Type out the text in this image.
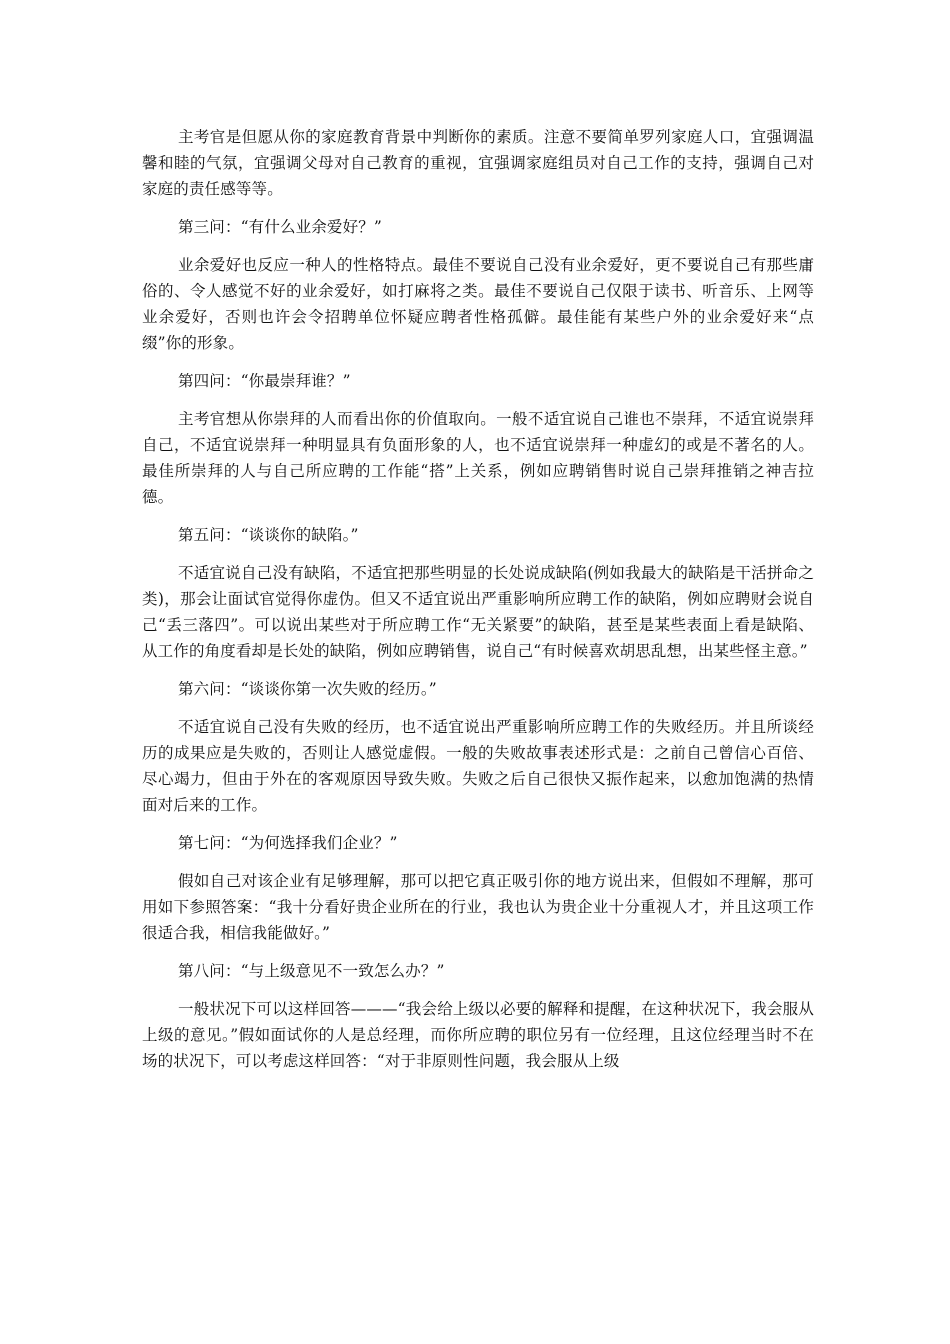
主考官是但愿从你的家庭教育背景中判断你的素质。注意不要简单罗列家庭人口，宜强调温馨和睦的气氛，宜强调父母对自己教育的重视，宜强调家庭组员对自己工作的支持，强调自己对家庭的责任感等等。

第三问：“有什么业余爱好？”

业余爱好也反应一种人的性格特点。最佳不要说自己没有业余爱好，更不要说自己有那些庸俗的、令人感觉不好的业余爱好，如打麻将之类。最佳不要说自己仅限于读书、听音乐、上网等业余爱好，否则也许会令招聘单位怀疑应聘者性格孤僻。最佳能有某些户外的业余爱好来“点缀”你的形象。

第四问：“你最崇拜谁？”

主考官想从你崇拜的人而看出你的价值取向。一般不适宜说自己谁也不崇拜，不适宜说崇拜自己，不适宜说崇拜一种明显具有负面形象的人，也不适宜说崇拜一种虚幻的或是不著名的人。最佳所崇拜的人与自己所应聘的工作能“搭”上关系，例如应聘销售时说自己崇拜推销之神吉拉德。

第五问：“谈谈你的缺陷。”

不适宜说自己没有缺陷，不适宜把那些明显的长处说成缺陷(例如我最大的缺陷是干活拼命之类)，那会让面试官觉得你虚伪。但又不适宜说出严重影响所应聘工作的缺陷，例如应聘财会说自己“丢三落四”。可以说出某些对于所应聘工作“无关紧要”的缺陷，甚至是某些表面上看是缺陷、从工作的角度看却是长处的缺陷，例如应聘销售，说自己“有时候喜欢胡思乱想，出某些怪主意。”

第六问：“谈谈你第一次失败的经历。”

不适宜说自己没有失败的经历，也不适宜说出严重影响所应聘工作的失败经历。并且所谈经历的成果应是失败的，否则让人感觉虚假。一般的失败故事表述形式是：之前自己曾信心百倍、尽心竭力，但由于外在的客观原因导致失败。失败之后自己很快又振作起来，以愈加饱满的热情面对后来的工作。

第七问：“为何选择我们企业？”

假如自己对该企业有足够理解，那可以把它真正吸引你的地方说出来，但假如不理解，那可用如下参照答案：“我十分看好贵企业所在的行业，我也认为贵企业十分重视人才，并且这项工作很适合我，相信我能做好。”

第八问：“与上级意见不一致怎么办？”

一般状况下可以这样回答———“我会给上级以必要的解释和提醒，在这种状况下，我会服从上级的意见。”假如面试你的人是总经理，而你所应聘的职位另有一位经理，且这位经理当时不在场的状况下，可以考虑这样回答：“对于非原则性问题，我会服从上级
